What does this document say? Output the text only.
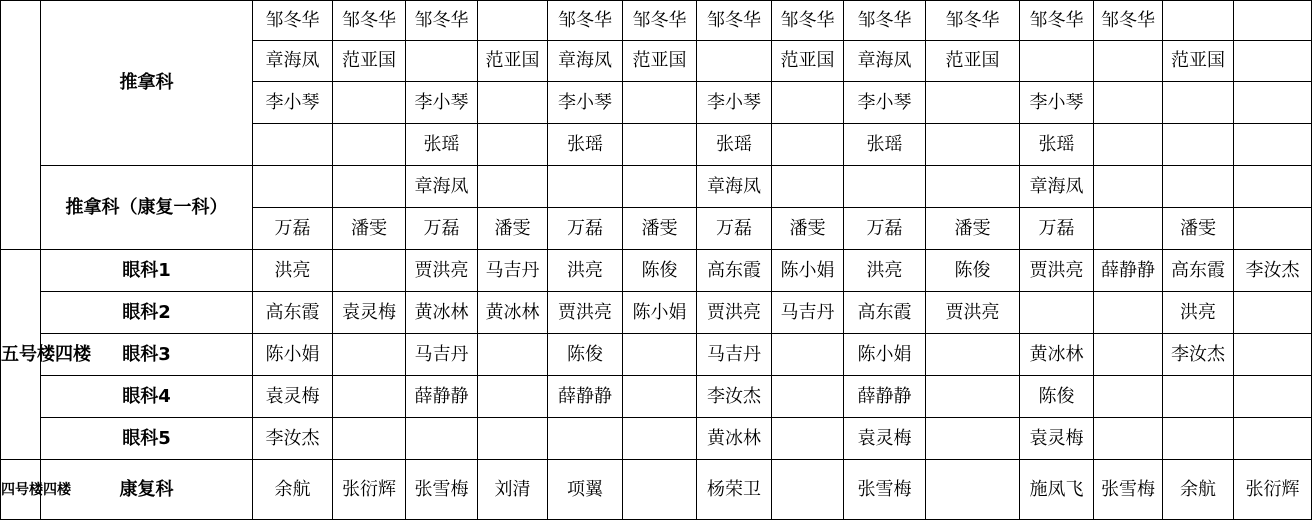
	推拿科	邹冬华	邹冬华	邹冬华		邹冬华	邹冬华	邹冬华	邹冬华	邹冬华	邹冬华	邹冬华	邹冬华		
		章海凤	范亚国		范亚国	章海凤	范亚国		范亚国	章海凤	范亚国			范亚国	
		李小琴		李小琴		李小琴		李小琴		李小琴		李小琴			
				张瑶		张瑶		张瑶		张瑶		张瑶			
	推拿科（康复一科）			章海凤				章海凤				章海凤			
		万磊	潘雯	万磊	潘雯	万磊	潘雯	万磊	潘雯	万磊	潘雯	万磊		潘雯	
五号楼四楼	眼科1	洪亮		贾洪亮	马吉丹	洪亮	陈俊	高东霞	陈小娟	洪亮	陈俊	贾洪亮	薛静静	高东霞	李汝杰
	眼科2	高东霞	袁灵梅	黄冰林	黄冰林	贾洪亮	陈小娟	贾洪亮	马吉丹	高东霞	贾洪亮			洪亮	
	眼科3	陈小娟		马吉丹		陈俊		马吉丹		陈小娟		黄冰林		李汝杰	
	眼科4	袁灵梅		薛静静		薛静静		李汝杰		薛静静		陈俊			
	眼科5	李汝杰						黄冰林		袁灵梅		袁灵梅			
四号楼四楼	康复科	余航	张衍辉	张雪梅	刘清	项翼		杨荣卫		张雪梅		施凤飞	张雪梅	余航	张衍辉
